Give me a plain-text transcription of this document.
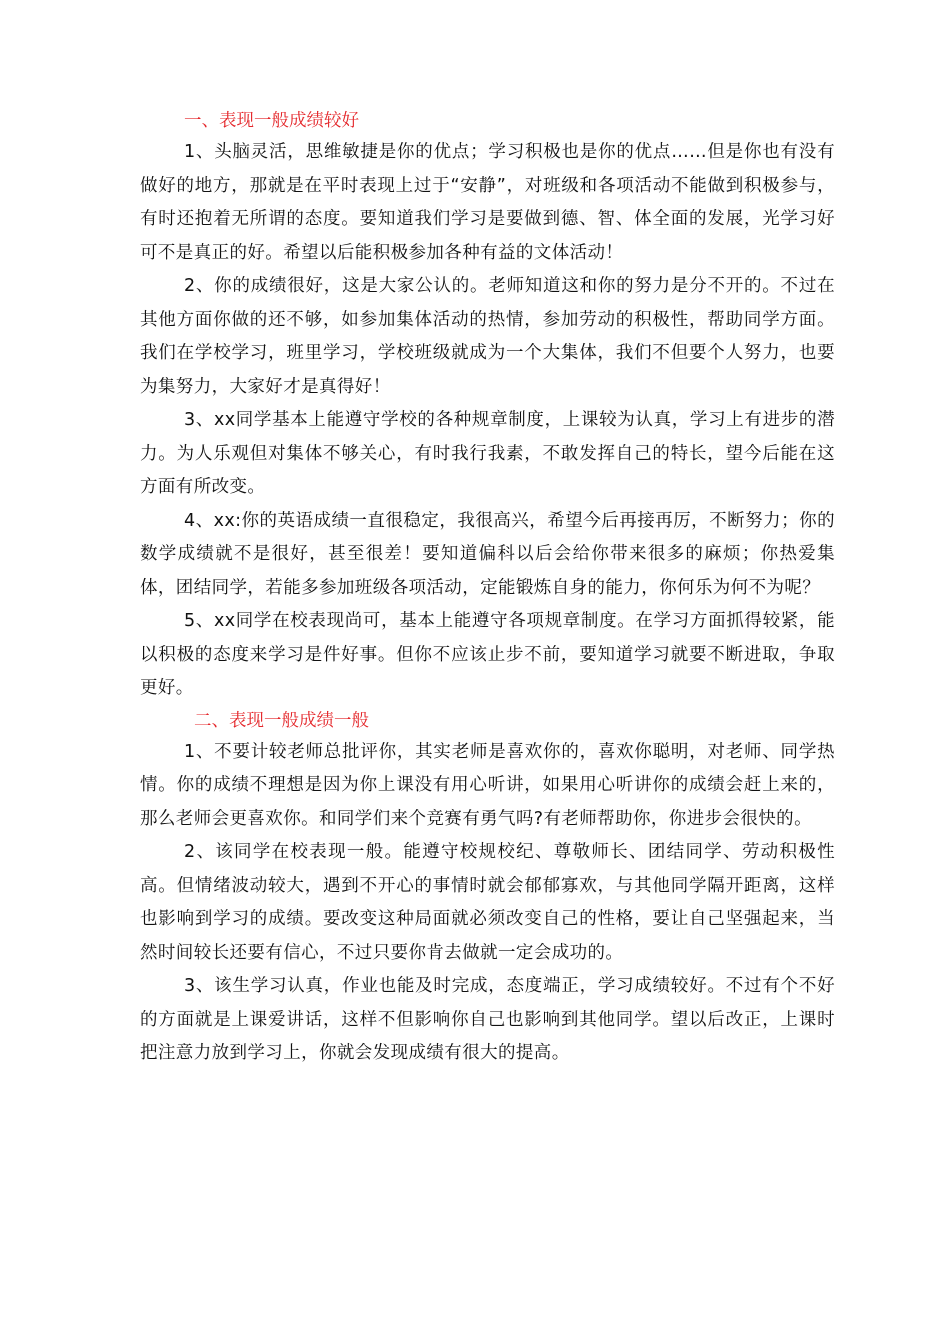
一、表现一般成绩较好

1、头脑灵活，思维敏捷是你的优点；学习积极也是你的优点……但是你也有没有做好的地方，那就是在平时表现上过于“安静”，对班级和各项活动不能做到积极参与，有时还抱着无所谓的态度。要知道我们学习是要做到德、智、体全面的发展，光学习好可不是真正的好。希望以后能积极参加各种有益的文体活动！

2、你的成绩很好，这是大家公认的。老师知道这和你的努力是分不开的。不过在其他方面你做的还不够，如参加集体活动的热情，参加劳动的积极性，帮助同学方面。我们在学校学习，班里学习，学校班级就成为一个大集体，我们不但要个人努力，也要为集努力，大家好才是真得好！

3、xx同学基本上能遵守学校的各种规章制度，上课较为认真，学习上有进步的潜力。为人乐观但对集体不够关心，有时我行我素，不敢发挥自己的特长，望今后能在这方面有所改变。

4、xx:你的英语成绩一直很稳定，我很高兴，希望今后再接再厉，不断努力；你的数学成绩就不是很好，甚至很差！要知道偏科以后会给你带来很多的麻烦；你热爱集体，团结同学，若能多参加班级各项活动，定能锻炼自身的能力，你何乐为何不为呢？

5、xx同学在校表现尚可，基本上能遵守各项规章制度。在学习方面抓得较紧，能以积极的态度来学习是件好事。但你不应该止步不前，要知道学习就要不断进取，争取更好。

二、表现一般成绩一般

1、不要计较老师总批评你，其实老师是喜欢你的，喜欢你聪明，对老师、同学热情。你的成绩不理想是因为你上课没有用心听讲，如果用心听讲你的成绩会赶上来的，那么老师会更喜欢你。和同学们来个竞赛有勇气吗?有老师帮助你，你进步会很快的。

2、该同学在校表现一般。能遵守校规校纪、尊敬师长、团结同学、劳动积极性高。但情绪波动较大，遇到不开心的事情时就会郁郁寡欢，与其他同学隔开距离，这样也影响到学习的成绩。要改变这种局面就必须改变自己的性格，要让自己坚强起来，当然时间较长还要有信心，不过只要你肯去做就一定会成功的。

3、该生学习认真，作业也能及时完成，态度端正，学习成绩较好。不过有个不好的方面就是上课爱讲话，这样不但影响你自己也影响到其他同学。望以后改正，上课时把注意力放到学习上，你就会发现成绩有很大的提高。
